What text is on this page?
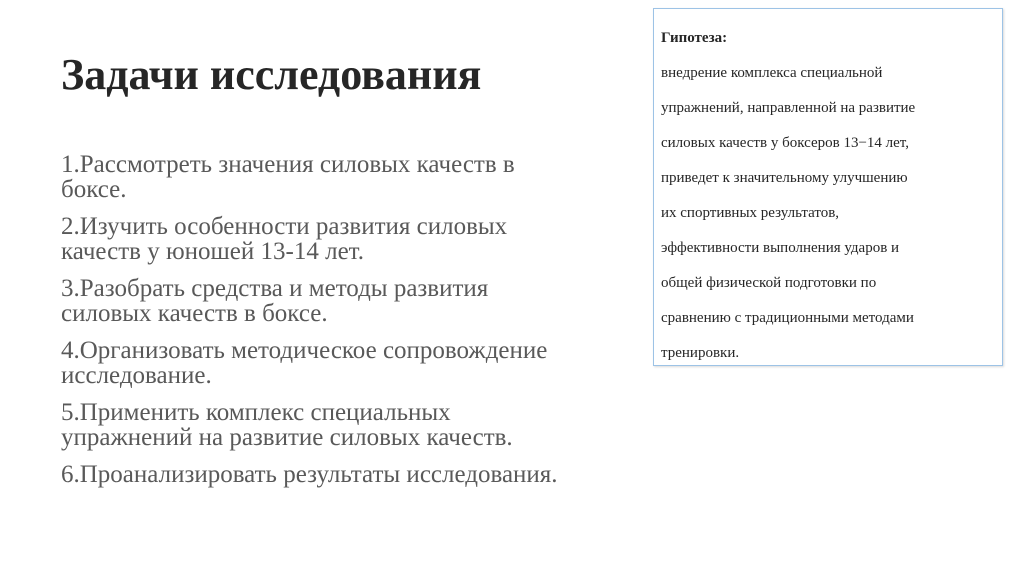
Задачи исследования
1.Рассмотреть значения силовых качеств в
боксе.
2.Изучить особенности развития силовых
качеств у юношей 13-14 лет.
3.Разобрать средства и методы развития
силовых качеств в боксе.
4.Организовать методическое сопровождение
исследование.
5.Применить комплекс специальных
упражнений на развитие силовых качеств.
6.Проанализировать результаты исследования.

Гипотеза:

внедрение комплекса специальной

упражнений, направленной на развитие

силовых качеств у боксеров 13−14 лет,

приведет к значительному улучшению

их спортивных результатов,

эффективности выполнения ударов и

общей физической подготовки по

сравнению с традиционными методами

тренировки.
